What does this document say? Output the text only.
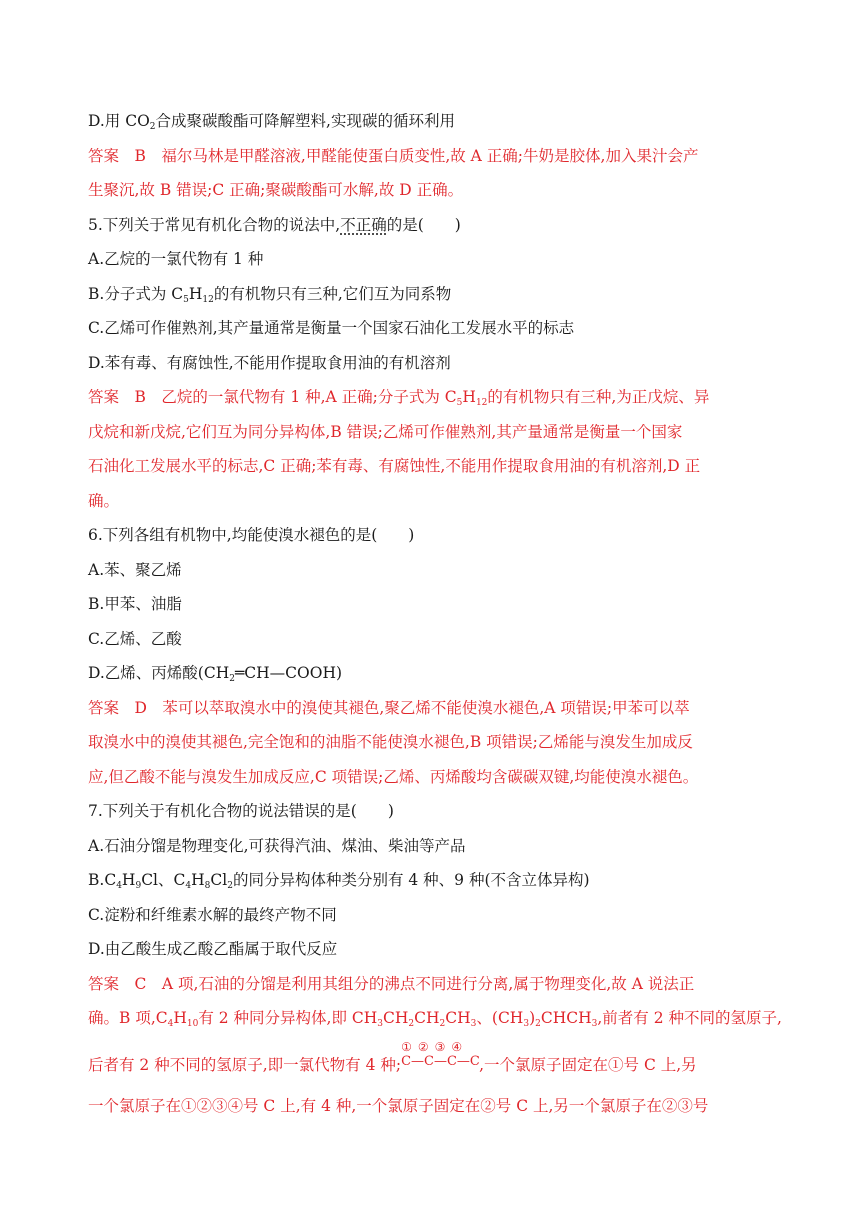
D.用 $CO_2$合成聚碳酸酯可降解塑料,实现碳的循环利用

答案　B　福尔马林是甲醛溶液,甲醛能使蛋白质变性,故 A 正确;牛奶是胶体,加入果汁会产

生聚沉,故 B 错误;C 正确;聚碳酸酯可水解,故 D 正确。

5.下列关于常见有机化合物的说法中,不正确的是(　　)

A.乙烷的一氯代物有 1 种

B.分子式为 $C_5H_{12}$的有机物只有三种,它们互为同系物

C.乙烯可作催熟剂,其产量通常是衡量一个国家石油化工发展水平的标志

D.苯有毒、有腐蚀性,不能用作提取食用油的有机溶剂

答案　B　乙烷的一氯代物有 1 种,A 正确;分子式为 $C_5H_{12}$的有机物只有三种,为正戊烷、异

戊烷和新戊烷,它们互为同分异构体,B 错误;乙烯可作催熟剂,其产量通常是衡量一个国家

石油化工发展水平的标志,C 正确;苯有毒、有腐蚀性,不能用作提取食用油的有机溶剂,D 正

确。

6.下列各组有机物中,均能使溴水褪色的是(　　)

A.苯、聚乙烯

B.甲苯、油脂

C.乙烯、乙酸

D.乙烯、丙烯酸$(CH_2═CH—COOH)$

答案　D　苯可以萃取溴水中的溴使其褪色,聚乙烯不能使溴水褪色,A 项错误;甲苯可以萃

取溴水中的溴使其褪色,完全饱和的油脂不能使溴水褪色,B 项错误;乙烯能与溴发生加成反

应,但乙酸不能与溴发生加成反应,C 项错误;乙烯、丙烯酸均含碳碳双键,均能使溴水褪色。

7.下列关于有机化合物的说法错误的是(　　)

A.石油分馏是物理变化,可获得汽油、煤油、柴油等产品

$B.C_4H_9Cl$、$C_4H_8Cl_2$的同分异构体种类分别有 4 种、9 种(不含立体异构)

C.淀粉和纤维素水解的最终产物不同

D.由乙酸生成乙酸乙酯属于取代反应

答案　C　A 项,石油的分馏是利用其组分的沸点不同进行分离,属于物理变化,故 A 说法正

确。B 项$,C_4H_{10}$有 2 种同分异构体,即 $CH_3CH_2CH_2CH_3$、$(CH_3)_2CHCH_3$,前者有 2 种不同的氢原子,

后者有 2 种不同的氢原子,即一氯代物有 4 种;
①②③④
C—C—C—C ,一个氯原子固定在①号 C 上,另

一个氯原子在①②③④号 C 上,有 4 种,一个氯原子固定在②号 C 上,另一个氯原子在②③号
